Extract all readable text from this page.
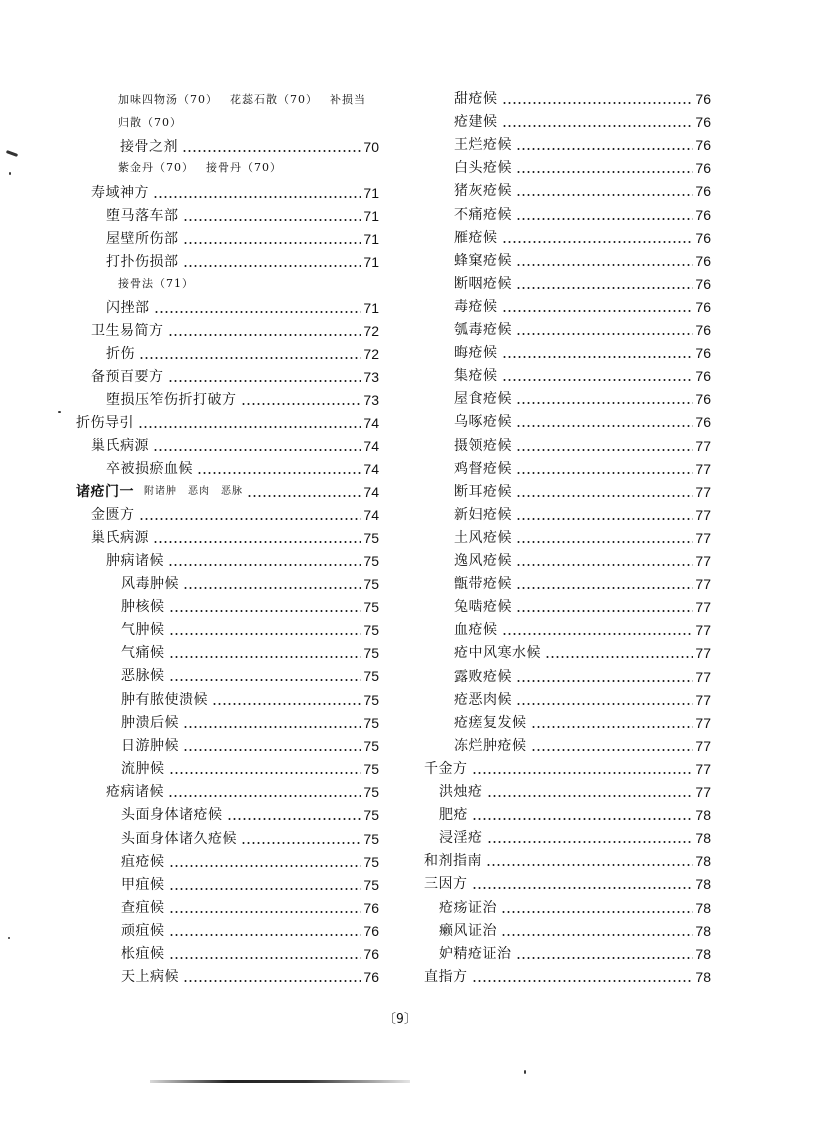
加味四物汤（70） 花蕊石散（70） 补损当
归散（70）
紫金丹（70） 接骨丹（70）
接骨法（71）
接骨之剂	70
寿域神方	71
堕马落车部	71
屋壁所伤部	71
打扑伤损部	71
闪挫部	71
卫生易简方	72
折伤	72
备预百要方	73
堕损压笮伤折打破方	73
折伤导引	74
巢氏病源	74
卒被损瘀血候	74
诸疮门一 附诸肿　恶肉　恶脉	74
金匮方	74
巢氏病源	75
肿病诸候	75
风毒肿候	75
肿核候	75
气肿候	75
气痛候	75
恶脉候	75
肿有脓使溃候	75
肿溃后候	75
日游肿候	75
流肿候	75
疮病诸候	75
头面身体诸疮候	75
头面身体诸久疮候	75
疽疮候	75
甲疽候	75
查疽候	76
顽疽候	76
枨疽候	76
天上病候	76
甜疮候	76
疮建候	76
王烂疮候	76
白头疮候	76
猪灰疮候	76
不痛疮候	76
雁疮候	76
蜂窠疮候	76
断咽疮候	76
毒疮候	76
瓠毒疮候	76
晦疮候	76
集疮候	76
屋食疮候	76
乌啄疮候	76
摄领疮候	77
鸡督疮候	77
断耳疮候	77
新妇疮候	77
土风疮候	77
逸风疮候	77
甑带疮候	77
兔啮疮候	77
血疮候	77
疮中风寒水候	77
露败疮候	77
疮恶肉候	77
疮瘥复发候	77
冻烂肿疮候	77
千金方	77
洪烛疮	77
肥疮	78
浸淫疮	78
和剂指南	78
三因方	78
疮疡证治	78
癞风证治	78
妒精疮证治	78
直指方	78
〔9〕
